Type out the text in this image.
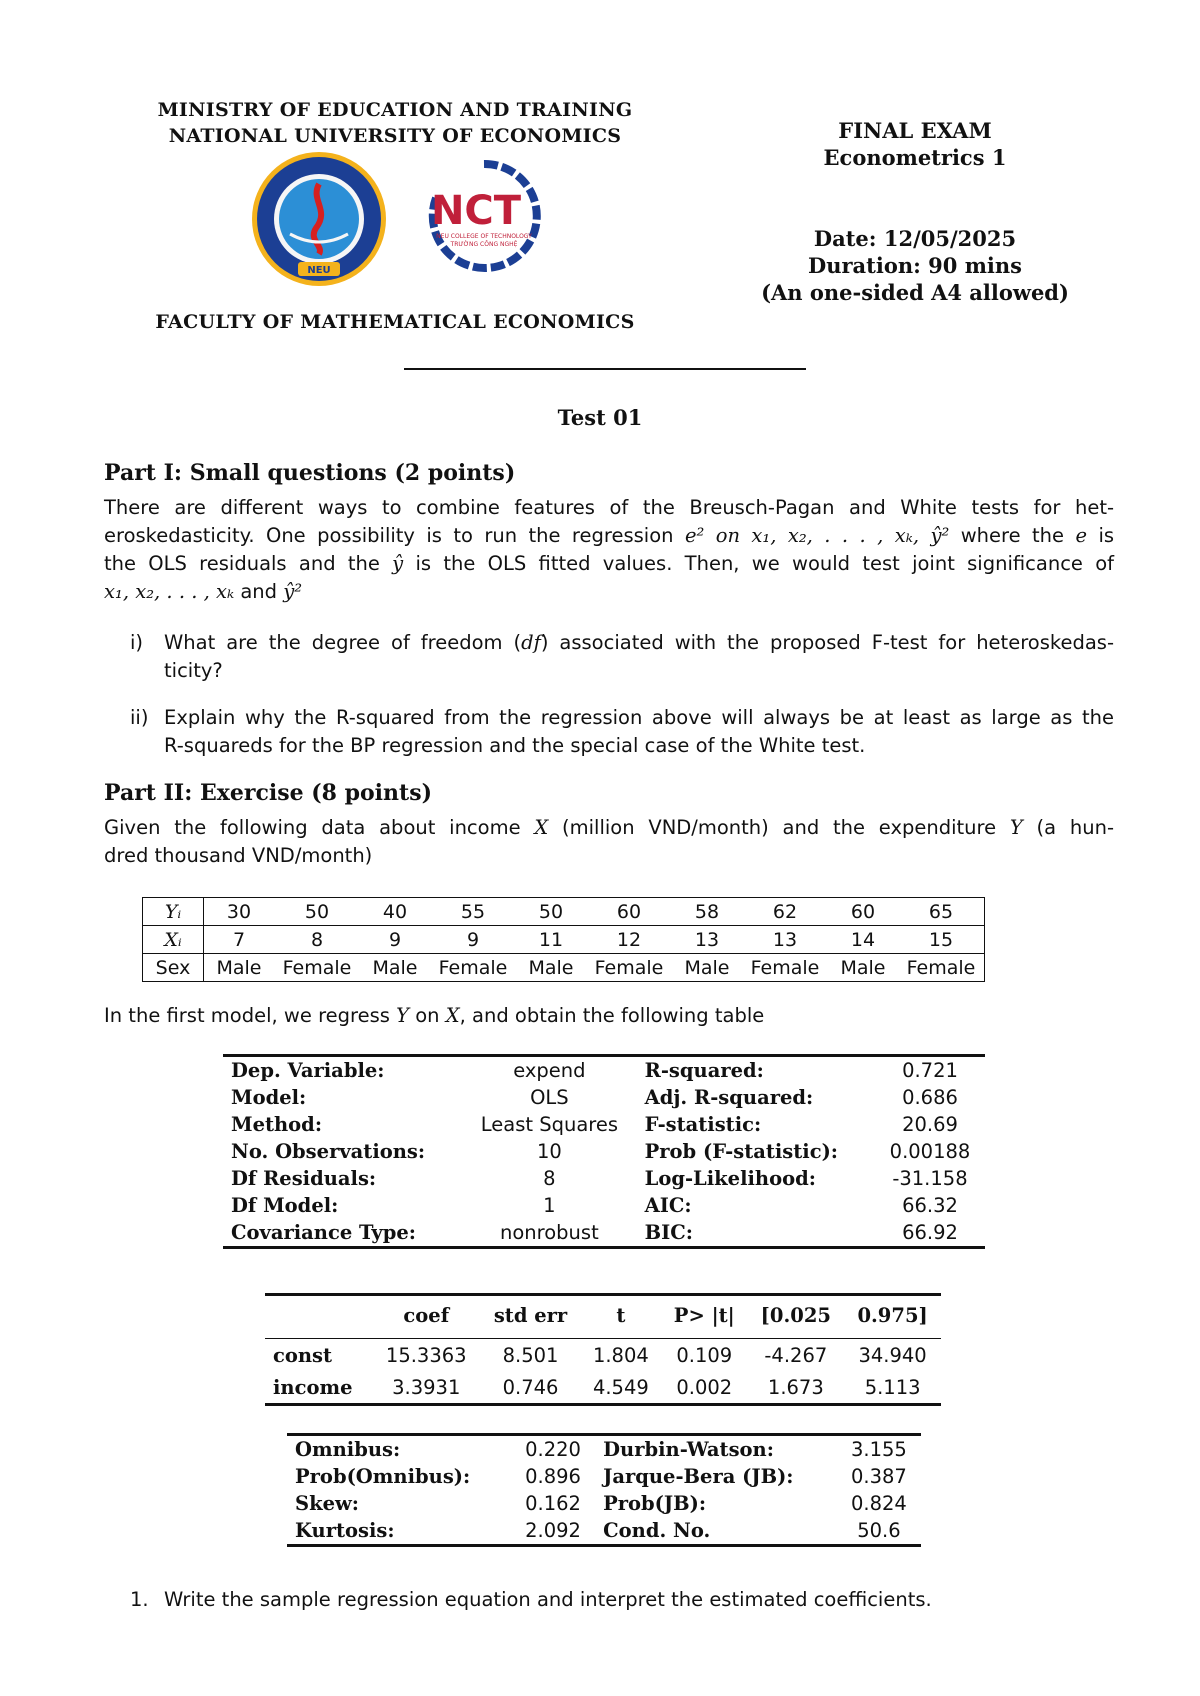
MINISTRY OF EDUCATION AND TRAINING
NATIONAL UNIVERSITY OF ECONOMICS
NEU
NCT
NEU COLLEGE OF TECHNOLOGY
TRƯỜNG CÔNG NGHỆ
FACULTY OF MATHEMATICAL ECONOMICS
FINAL EXAM
Econometrics 1
Date: 12/05/2025
Duration: 90 mins
(An one-sided A4 allowed)
Test 01
Part I: Small questions (2 points)
There are different ways to combine features of the Breusch-Pagan and White tests for het-
eroskedasticity. One possibility is to run the regression e² on x₁, x₂, . . . , xₖ, ŷ² where the e is
the OLS residuals and the ŷ is the OLS fitted values. Then, we would test joint significance of
x₁, x₂, . . . , xₖ and ŷ²
i) What are the degree of freedom (df) associated with the proposed F-test for heteroskedas-
ticity?
ii) Explain why the R-squared from the regression above will always be at least as large as the
R-squareds for the BP regression and the special case of the White test.
Part II: Exercise (8 points)
Given the following data about income X (million VND/month) and the expenditure Y (a hun-
dred thousand VND/month)
Yᵢ	30	50	40	55	50	60	58	62	60	65
Xᵢ	7	8	9	9	11	12	13	13	14	15
Sex	Male	Female	Male	Female	Male	Female	Male	Female	Male	Female
In the first model, we regress Y on X, and obtain the following table
Dep. Variable:	expend	R-squared:	0.721
Model:	OLS	Adj. R-squared:	0.686
Method:	Least Squares	F-statistic:	20.69
No. Observations:	10	Prob (F-statistic):	0.00188
Df Residuals:	8	Log-Likelihood:	-31.158
Df Model:	1	AIC:	66.32
Covariance Type:	nonrobust	BIC:	66.92
	coef	std err	t	P> |t|	[0.025	0.975]

const	15.3363	8.501	1.804	0.109	-4.267	34.940
income	3.3931	0.746	4.549	0.002	1.673	5.113
Omnibus:	0.220	Durbin-Watson:	3.155
Prob(Omnibus):	0.896	Jarque-Bera (JB):	0.387
Skew:	0.162	Prob(JB):	0.824
Kurtosis:	2.092	Cond. No.	50.6
1. Write the sample regression equation and interpret the estimated coefficients.
